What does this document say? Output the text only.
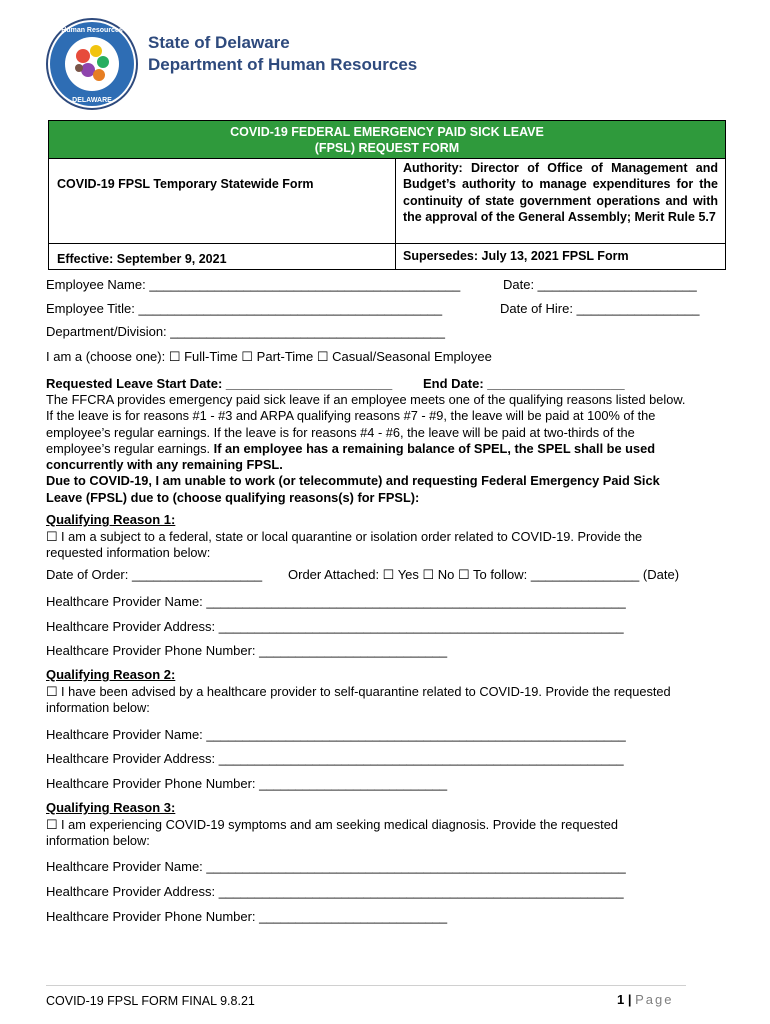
Human Resources
DELAWARE
State of Delaware
Department of Human Resources
COVID-19 FEDERAL EMERGENCY PAID SICK LEAVE
(FPSL) REQUEST FORM
COVID-19 FPSL Temporary Statewide Form
Authority: Director of Office of Management and Budget’s authority to manage expenditures for the continuity of state government operations and with the approval of the General Assembly; Merit Rule 5.7
Effective: September 9, 2021	Supersedes: July 13, 2021 FPSL Form
Employee Name: ___________________________________________	Date: ______________________
Employee Title: __________________________________________	Date of Hire: _________________
Department/Division: ______________________________________
I am a (choose one): ☐ Full-Time ☐ Part-Time ☐ Casual/Seasonal Employee
Requested Leave Start Date: _______________________ End Date: ___________________
The FFCRA provides emergency paid sick leave if an employee meets one of the qualifying reasons listed below.
If the leave is for reasons #1 - #3 and ARPA qualifying reasons #7 - #9, the leave will be paid at 100% of the
employee’s regular earnings. If the leave is for reasons #4 - #6, the leave will be paid at two-thirds of the
employee’s regular earnings. If an employee has a remaining balance of SPEL, the SPEL shall be used
concurrently with any remaining FPSL.
Due to COVID-19, I am unable to work (or telecommute) and requesting Federal Emergency Paid Sick
Leave (FPSL) due to (choose qualifying reasons(s) for FPSL):
Qualifying Reason 1:
☐ I am a subject to a federal, state or local quarantine or isolation order related to COVID-19. Provide the
requested information below:
Date of Order: __________________ Order Attached: ☐ Yes ☐ No ☐ To follow: _______________ (Date)
Healthcare Provider Name: __________________________________________________________
Healthcare Provider Address: ________________________________________________________
Healthcare Provider Phone Number: __________________________
Qualifying Reason 2:
☐ I have been advised by a healthcare provider to self-quarantine related to COVID-19. Provide the requested
information below:
Healthcare Provider Name: __________________________________________________________
Healthcare Provider Address: ________________________________________________________
Healthcare Provider Phone Number: __________________________
Qualifying Reason 3:
☐ I am experiencing COVID-19 symptoms and am seeking medical diagnosis. Provide the requested
information below:
Healthcare Provider Name: __________________________________________________________
Healthcare Provider Address: ________________________________________________________
Healthcare Provider Phone Number: __________________________
COVID-19 FPSL FORM FINAL 9.8.21	1 | Page
